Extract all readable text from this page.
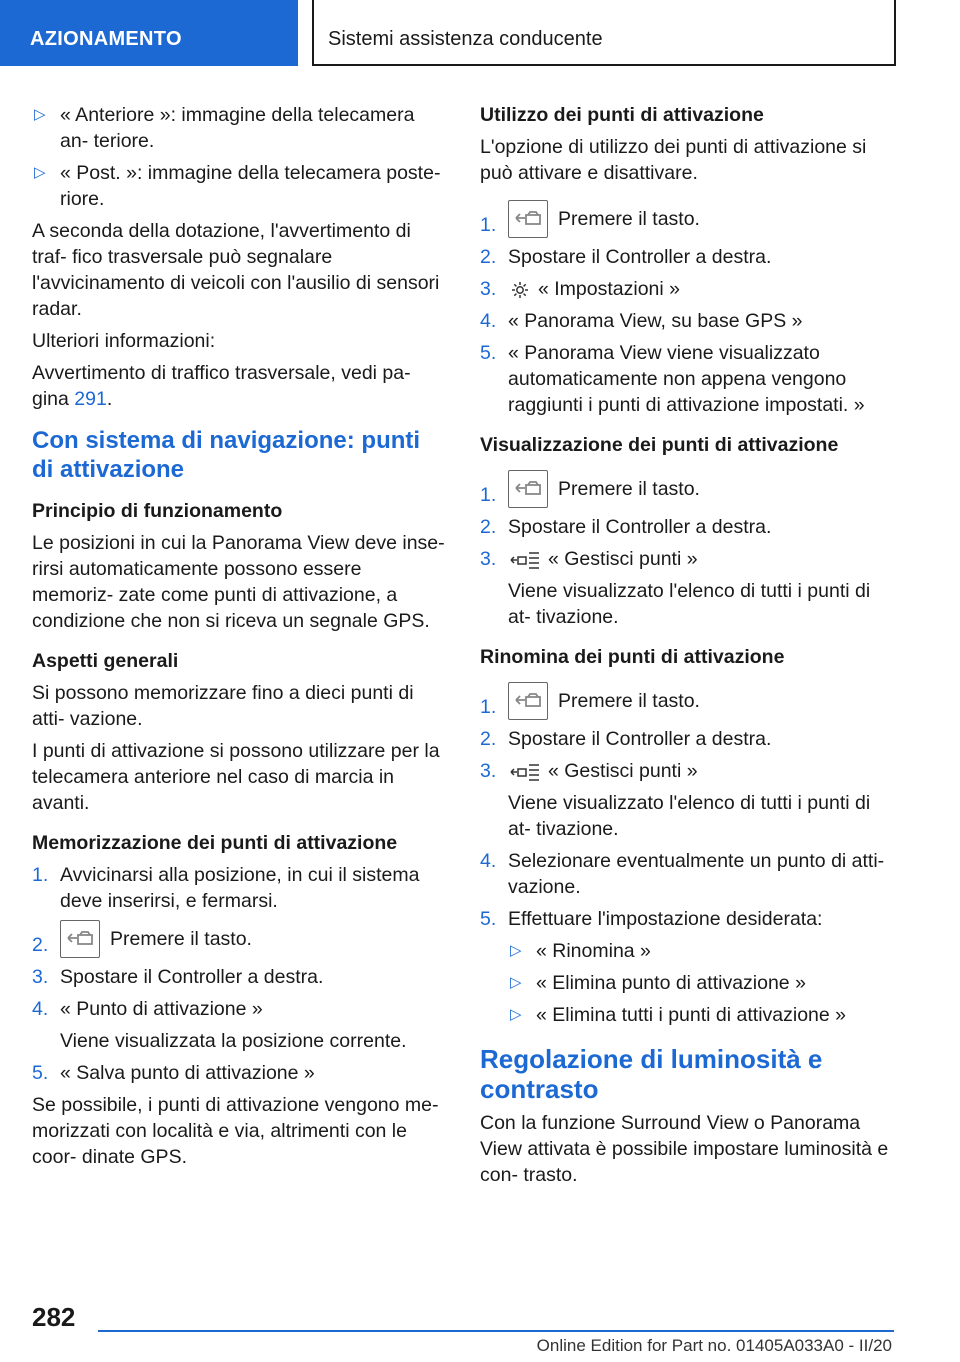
AZIONAMENTO	Sistemi assistenza conducente
▷ « Anteriore »: immagine della telecamera an- teriore.
▷ « Post. »: immagine della telecamera poste- riore.

A seconda della dotazione, l'avvertimento di traf- fico trasversale può segnalare l'avvicinamento di veicoli con l'ausilio di sensori radar.

Ulteriori informazioni:

Avvertimento di traffico trasversale, vedi pa- gina 291.

Con sistema di navigazione: punti di attivazione
Principio di funzionamento

Le posizioni in cui la Panorama View deve inse- rirsi automaticamente possono essere memoriz- zate come punti di attivazione, a condizione che non si riceva un segnale GPS.

Aspetti generali

Si possono memorizzare fino a dieci punti di atti- vazione.

I punti di attivazione si possono utilizzare per la telecamera anteriore nel caso di marcia in avanti.

Memorizzazione dei punti di attivazione
1. Avvicinarsi alla posizione, in cui il sistema deve inserirsi, e fermarsi.
2.	Premere il tasto.
3. Spostare il Controller a destra.
4. « Punto di attivazione »
Viene visualizzata la posizione corrente.
5. « Salva punto di attivazione »

Se possibile, i punti di attivazione vengono me- morizzati con località e via, altrimenti con le coor- dinate GPS.

Utilizzo dei punti di attivazione

L'opzione di utilizzo dei punti di attivazione si può attivare e disattivare.

1.	Premere il tasto.
2. Spostare il Controller a destra.
3. « Impostazioni »
4. « Panorama View, su base GPS »
5. « Panorama View viene visualizzato automaticamente non appena vengono raggiunti i punti di attivazione impostati. »
Visualizzazione dei punti di attivazione
1.	Premere il tasto.
2. Spostare il Controller a destra.
3.	« Gestisci punti »
Viene visualizzato l'elenco di tutti i punti di at- tivazione.
Rinomina dei punti di attivazione
1.	Premere il tasto.
2. Spostare il Controller a destra.
3.	« Gestisci punti »
Viene visualizzato l'elenco di tutti i punti di at- tivazione.
4. Selezionare eventualmente un punto di atti- vazione.
5. Effettuare l'impostazione desiderata:
▷ « Rinomina »
▷ « Elimina punto di attivazione »
▷ « Elimina tutti i punti di attivazione »
Regolazione di luminosità e contrasto

Con la funzione Surround View o Panorama View attivata è possibile impostare luminosità e con- trasto.

282
Online Edition for Part no. 01405A033A0 - II/20
